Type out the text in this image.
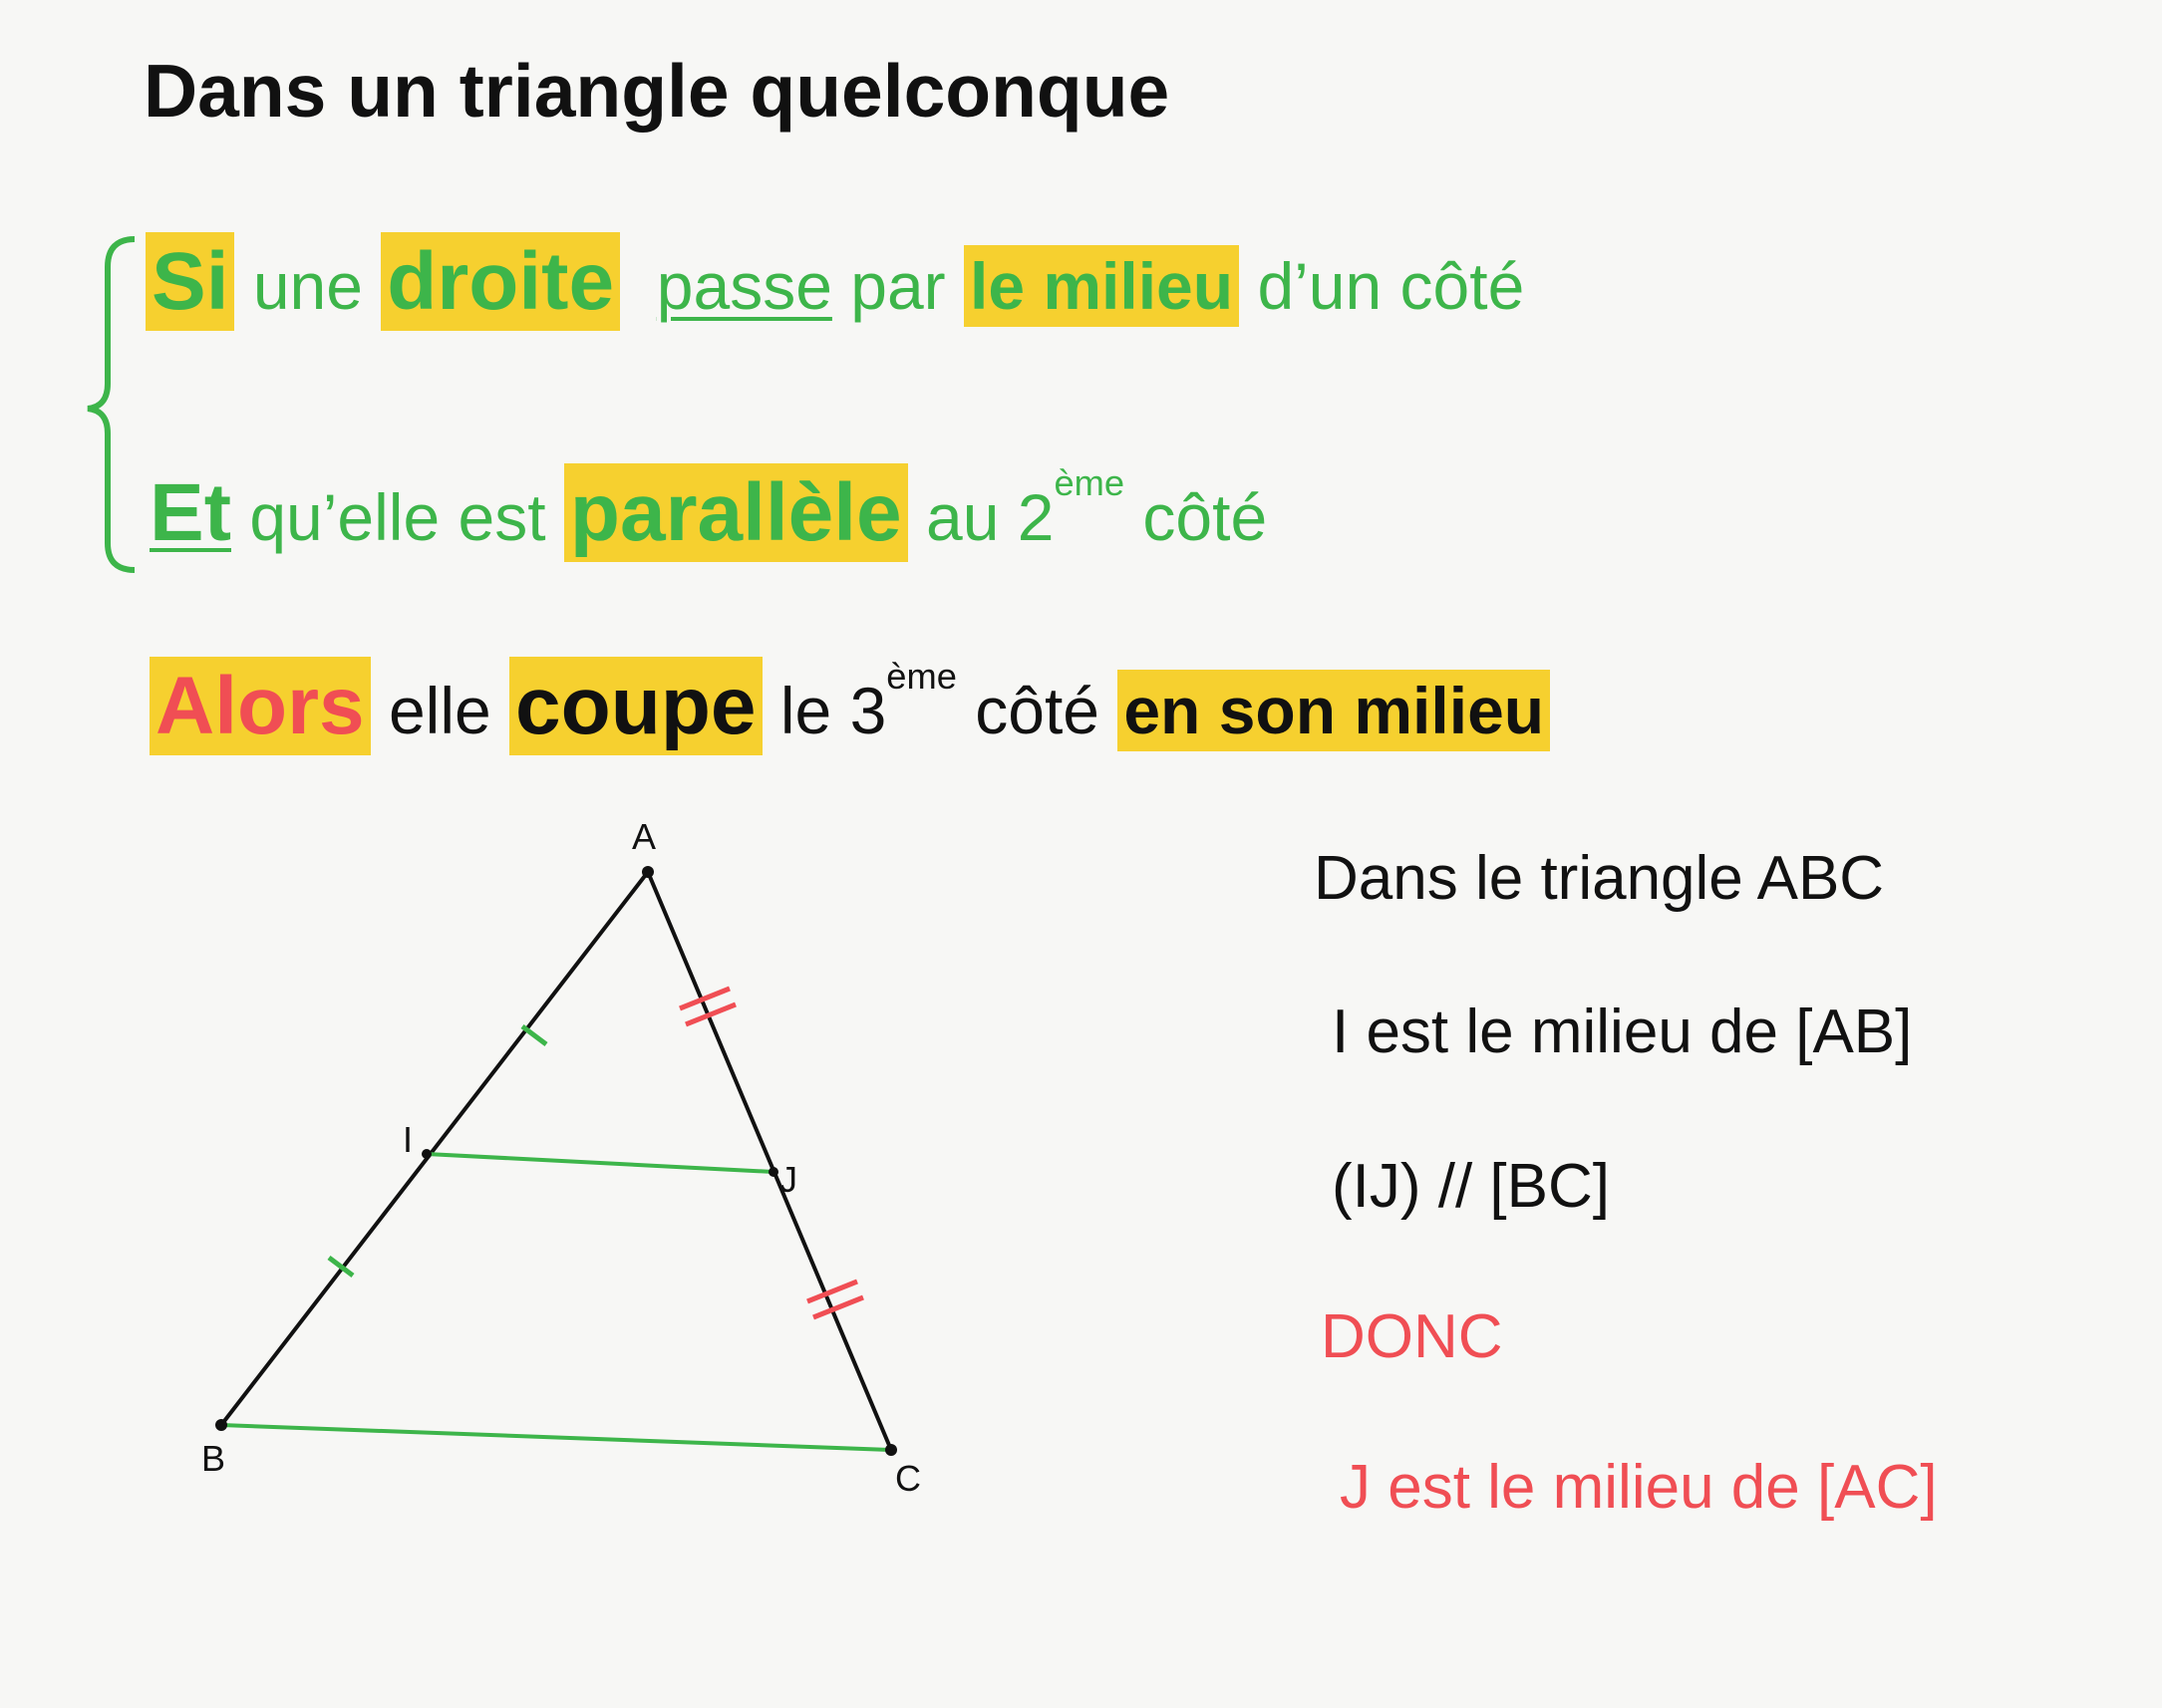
Dans un triangle quelconque
Si une droite passe par le milieu d’un côté
Et qu’elle est parallèle au 2ème côté
Alors elle coupe le 3ème côté en son milieu
A
B	C
I
J
Dans le triangle ABC
I est le milieu de [AB]
(IJ) // [BC]
DONC
J est le milieu de [AC]
